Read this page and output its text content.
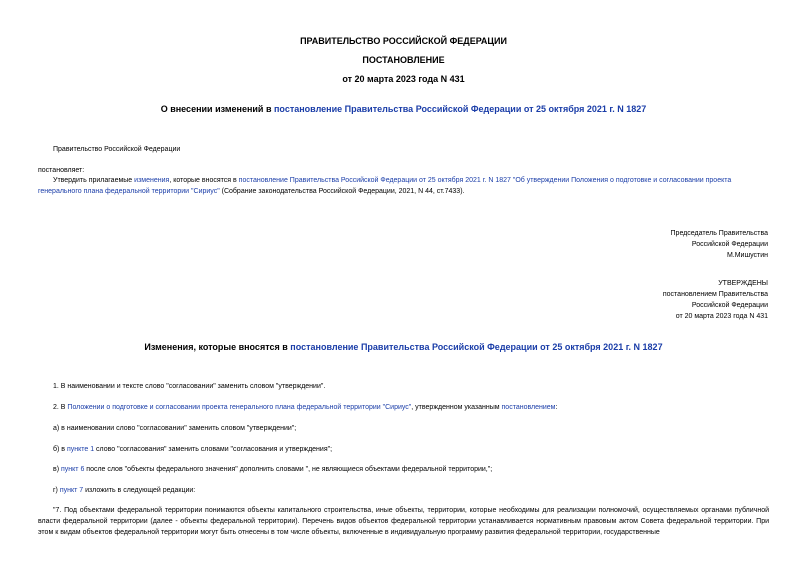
ПРАВИТЕЛЬСТВО РОССИЙСКОЙ ФЕДЕРАЦИИ
ПОСТАНОВЛЕНИЕ
от 20 марта 2023 года N 431
О внесении изменений в постановление Правительства Российской Федерации от 25 октября 2021 г. N 1827
Правительство Российской Федерации
постановляет:
Утвердить прилагаемые изменения, которые вносятся в постановление Правительства Российской Федерации от 25 октября 2021 г. N 1827 "Об утверждении Положения о подготовке и согласовании проекта
генерального плана федеральной территории "Сириус" (Собрание законодательства Российской Федерации, 2021, N 44, ст.7433).
Председатель Правительства
Российской Федерации
М.Мишустин
УТВЕРЖДЕНЫ
постановлением Правительства
Российской Федерации
от 20 марта 2023 года N 431
Изменения, которые вносятся в постановление Правительства Российской Федерации от 25 октября 2021 г. N 1827
1. В наименовании и тексте слово "согласовании" заменить словом "утверждении".
2. В Положении о подготовке и согласовании проекта генерального плана федеральной территории "Сириус", утвержденном указанным постановлением:
а) в наименовании слово "согласовании" заменить словом "утверждении";
б) в пункте 1 слово "согласования" заменить словами "согласования и утверждения";
в) пункт 6 после слов "объекты федерального значения" дополнить словами ", не являющиеся объектами федеральной территории,";
г) пункт 7 изложить в следующей редакции:
"7. Под объектами федеральной территории понимаются объекты капитального строительства, иные объекты, территории, которые необходимы для реализации полномочий, осуществляемых органами публичной власти федеральной территории (далее - объекты федеральной территории). Перечень видов объектов федеральной территории устанавливается нормативным правовым актом Совета федеральной территории. При этом к видам объектов федеральной территории могут быть отнесены в том числе объекты, включенные в индивидуальную программу развития федеральной территории, государственные
